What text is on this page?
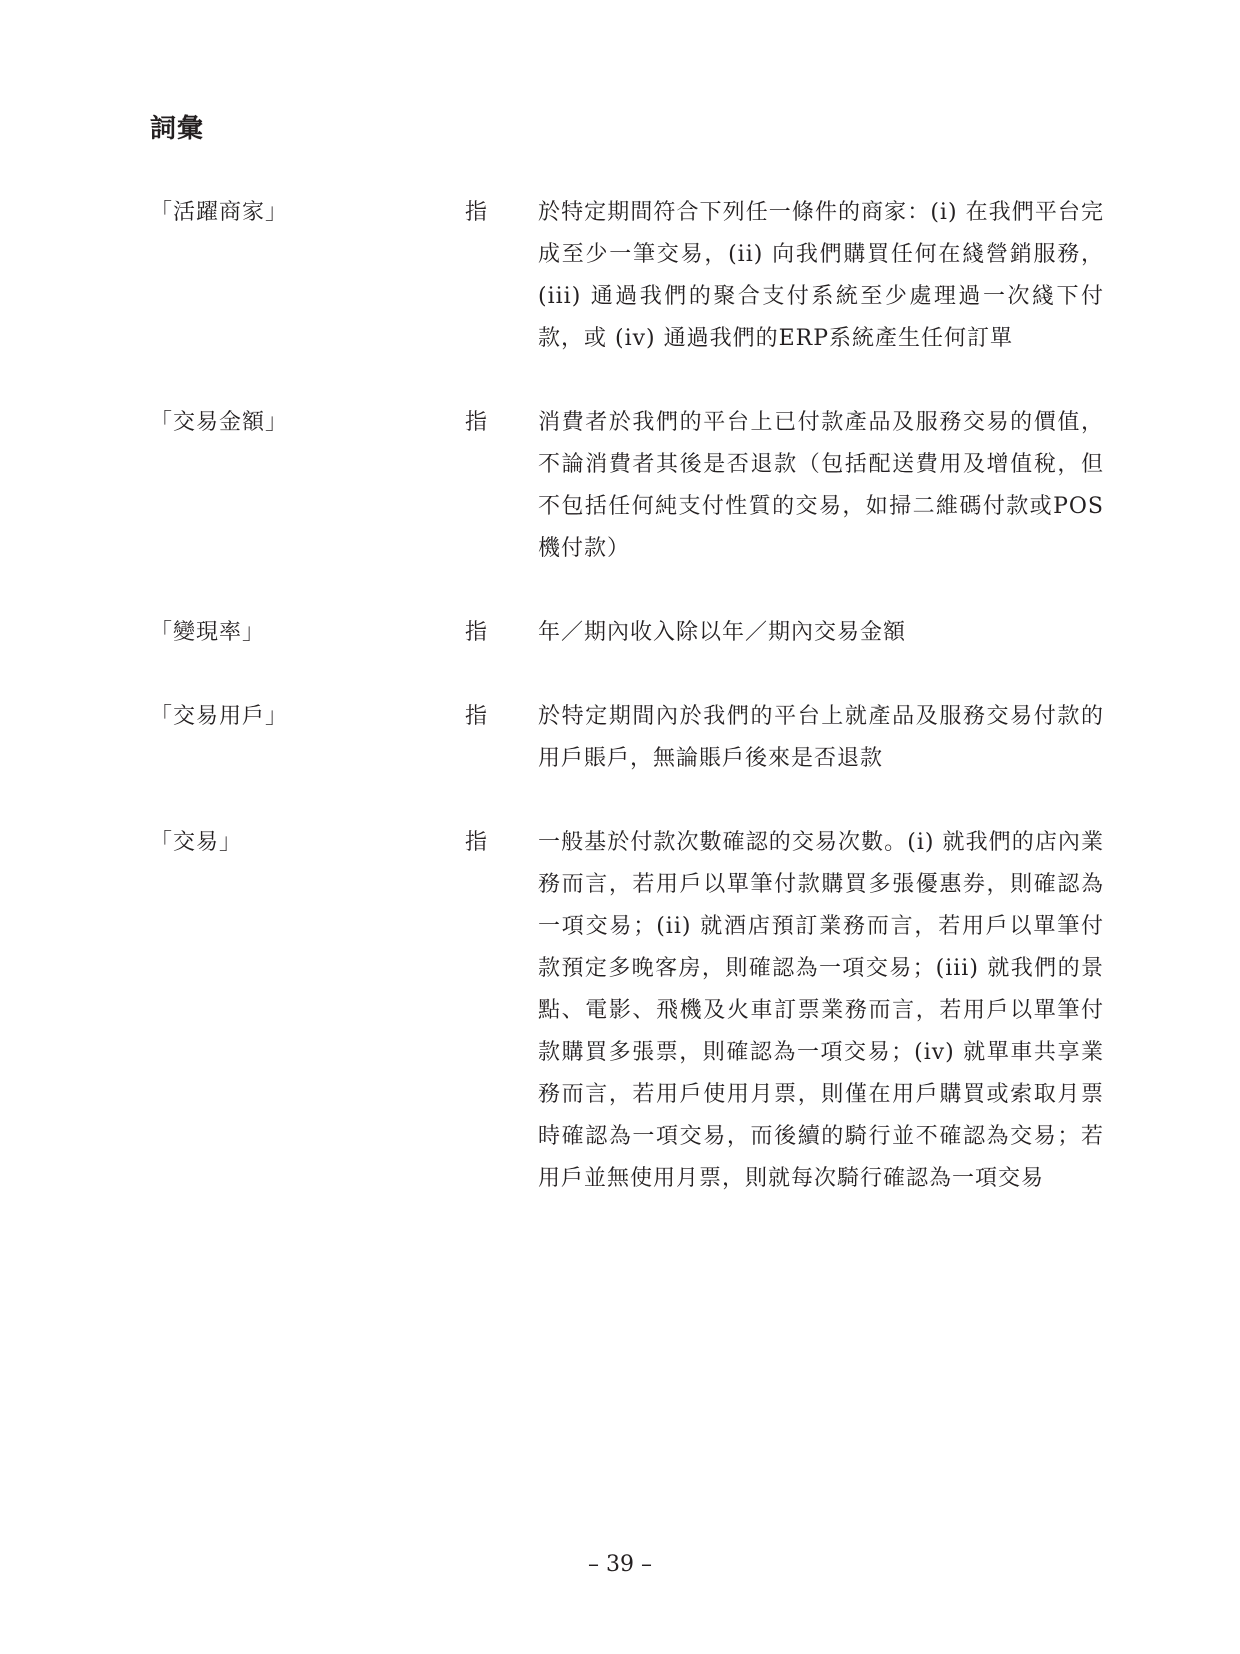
詞彙
「活躍商家」	指 於特定期間符合下列任一條件的商家：(i) 在我們平台完成至少一筆交易，(ii) 向我們購買任何在綫營銷服務，(iii) 通過我們的聚合支付系統至少處理過一次綫下付款，或 (iv) 通過我們的ERP系統產生任何訂單
「交易金額」	指 消費者於我們的平台上已付款產品及服務交易的價值，不論消費者其後是否退款（包括配送費用及增值稅，但不包括任何純支付性質的交易，如掃二維碼付款或POS機付款）
「變現率」	指 年／期內收入除以年／期內交易金額
「交易用戶」	指 於特定期間內於我們的平台上就產品及服務交易付款的用戶賬戶，無論賬戶後來是否退款
「交易」	指 一般基於付款次數確認的交易次數。(i) 就我們的店內業務而言，若用戶以單筆付款購買多張優惠券，則確認為一項交易；(ii) 就酒店預訂業務而言，若用戶以單筆付款預定多晚客房，則確認為一項交易；(iii) 就我們的景點、電影、飛機及火車訂票業務而言，若用戶以單筆付款購買多張票，則確認為一項交易；(iv) 就單車共享業務而言，若用戶使用月票，則僅在用戶購買或索取月票時確認為一項交易，而後續的騎行並不確認為交易；若用戶並無使用月票，則就每次騎行確認為一項交易
– 39 –
